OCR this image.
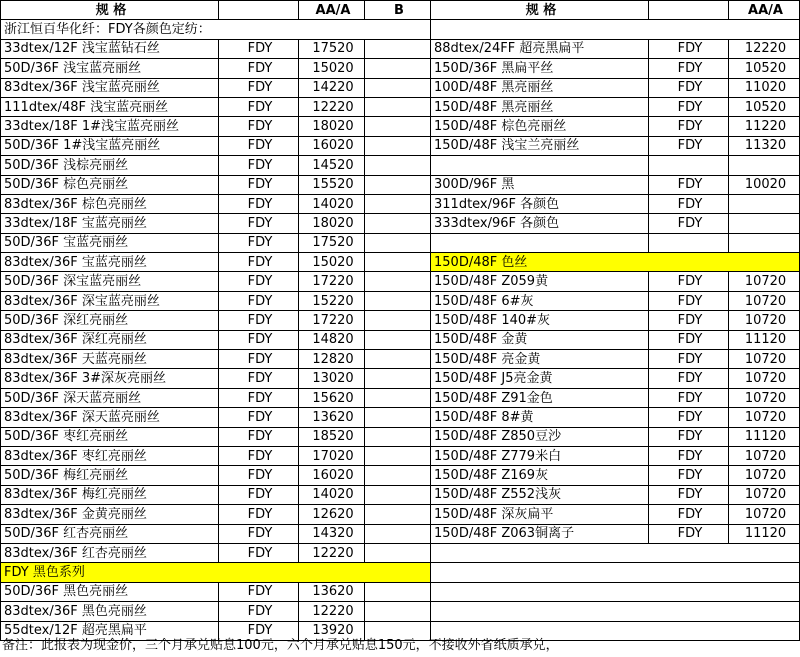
规 格		AA/A	B	规 格		AA/A
浙江恒百华化纤：FDY各颜色定纺：						
33dtex/12F 浅宝蓝钻石丝	FDY	17520		88dtex/24FF 超亮黑扁平	FDY	12220
50D/36F 浅宝蓝亮丽丝	FDY	15020		150D/36F 黑扁平丝	FDY	10520
83dtex/36F 浅宝蓝亮丽丝	FDY	14220		100D/48F 黑亮丽丝	FDY	11020
111dtex/48F 浅宝蓝亮丽丝	FDY	12220		150D/48F 黑亮丽丝	FDY	10520
33dtex/18F 1#浅宝蓝亮丽丝	FDY	18020		150D/48F 棕色亮丽丝	FDY	11220
50D/36F 1#浅宝蓝亮丽丝	FDY	16020		150D/48F 浅宝兰亮丽丝	FDY	11320
50D/36F 浅棕亮丽丝	FDY	14520				
50D/36F 棕色亮丽丝	FDY	15520		300D/96F 黑	FDY	10020
83dtex/36F 棕色亮丽丝	FDY	14020		311dtex/96F 各颜色	FDY	
33dtex/18F 宝蓝亮丽丝	FDY	18020		333dtex/96F 各颜色	FDY	
50D/36F 宝蓝亮丽丝	FDY	17520				
83dtex/36F 宝蓝亮丽丝	FDY	15020		150D/48F 色丝		
50D/36F 深宝蓝亮丽丝	FDY	17220		150D/48F Z059黄	FDY	10720
83dtex/36F 深宝蓝亮丽丝	FDY	15220		150D/48F 6#灰	FDY	10720
50D/36F 深红亮丽丝	FDY	17220		150D/48F 140#灰	FDY	10720
83dtex/36F 深红亮丽丝	FDY	14820		150D/48F 金黄	FDY	11120
83dtex/36F 天蓝亮丽丝	FDY	12820		150D/48F 亮金黄	FDY	10720
83dtex/36F 3#深灰亮丽丝	FDY	13020		150D/48F J5亮金黄	FDY	10720
50D/36F 深天蓝亮丽丝	FDY	15620		150D/48F Z91金色	FDY	10720
83dtex/36F 深天蓝亮丽丝	FDY	13620		150D/48F 8#黄	FDY	10720
50D/36F 枣红亮丽丝	FDY	18520		150D/48F Z850豆沙	FDY	11120
83dtex/36F 枣红亮丽丝	FDY	17020		150D/48F Z779米白	FDY	10720
50D/36F 梅红亮丽丝	FDY	16020		150D/48F Z169灰	FDY	10720
83dtex/36F 梅红亮丽丝	FDY	14020		150D/48F Z552浅灰	FDY	10720
83dtex/36F 金黄亮丽丝	FDY	12620		150D/48F 深灰扁平	FDY	10720
50D/36F 红杏亮丽丝	FDY	14320		150D/48F Z063铜离子	FDY	11120
83dtex/36F 红杏亮丽丝	FDY	12220				
FDY 黑色系列						
50D/36F 黑色亮丽丝	FDY	13620				
83dtex/36F 黑色亮丽丝	FDY	12220				
55dtex/12F 超亮黑扁平	FDY	13920				
备注：此报表为现金价，三个月承兑贴息100元，六个月承兑贴息150元，不接收外省纸质承兑，
